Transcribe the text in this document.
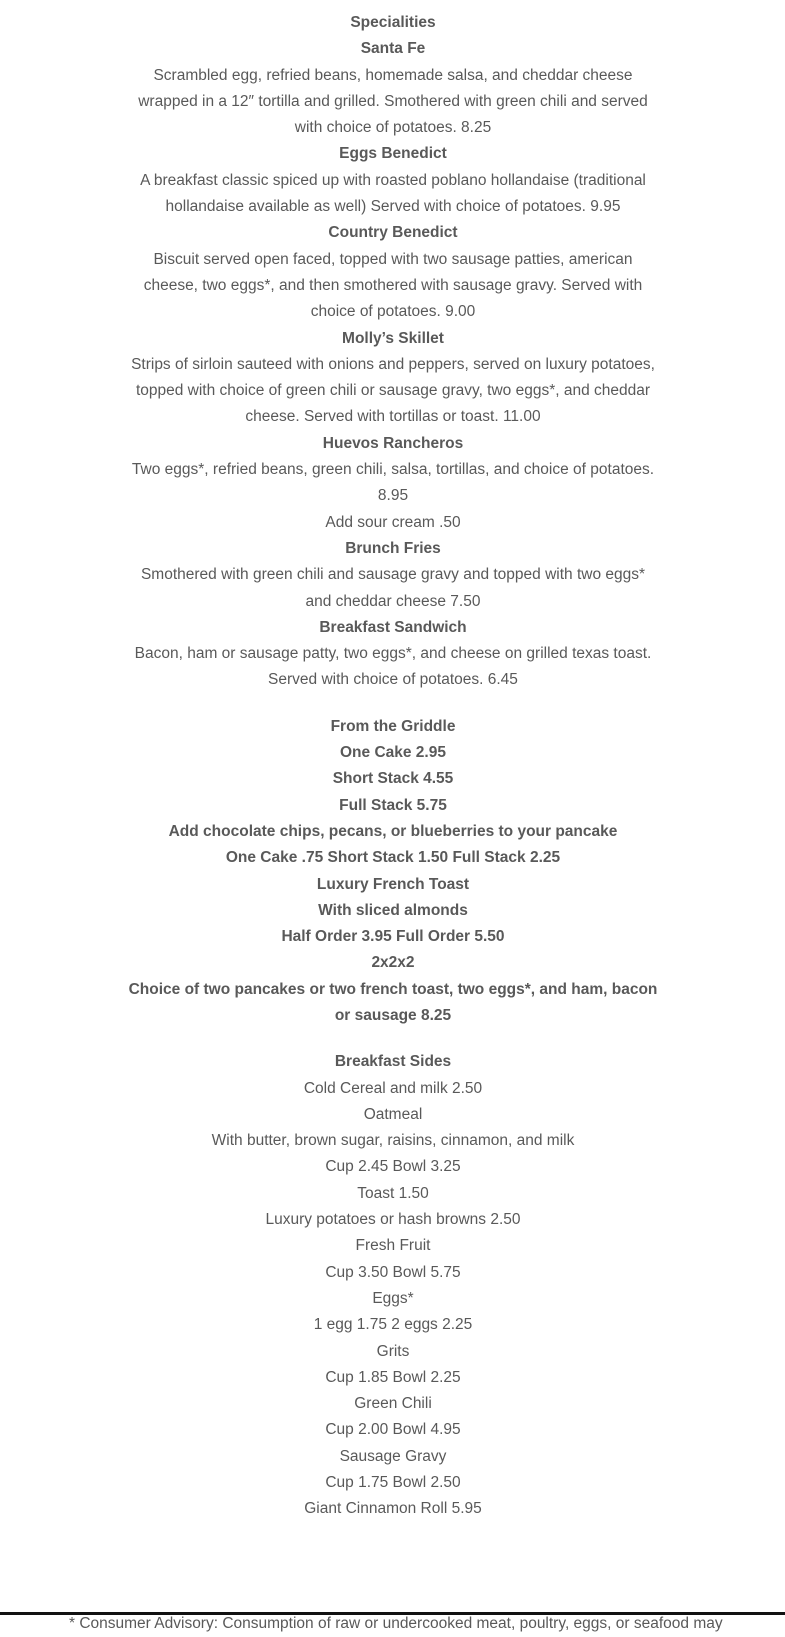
Specialities

Santa Fe

Scrambled egg, refried beans, homemade salsa, and cheddar cheese wrapped in a 12″ tortilla and grilled. Smothered with green chili and served with choice of potatoes. 8.25

Eggs Benedict

A breakfast classic spiced up with roasted poblano hollandaise (traditional hollandaise available as well) Served with choice of potatoes. 9.95

Country Benedict

Biscuit served open faced, topped with two sausage patties, american cheese, two eggs*, and then smothered with sausage gravy. Served with choice of potatoes. 9.00

Molly’s Skillet

Strips of sirloin sauteed with onions and peppers, served on luxury potatoes, topped with choice of green chili or sausage gravy, two eggs*, and cheddar cheese. Served with tortillas or toast. 11.00

Huevos Rancheros

Two eggs*, refried beans, green chili, salsa, tortillas, and choice of potatoes. 8.95

Add sour cream .50

Brunch Fries

Smothered with green chili and sausage gravy and topped with two eggs* and cheddar cheese 7.50

Breakfast Sandwich

Bacon, ham or sausage patty, two eggs*, and cheese on grilled texas toast. Served with choice of potatoes. 6.45

From the Griddle

One Cake 2.95

Short Stack 4.55

Full Stack 5.75

Add chocolate chips, pecans, or blueberries to your pancake

One Cake .75 Short Stack 1.50 Full Stack 2.25

Luxury French Toast

With sliced almonds

Half Order 3.95 Full Order 5.50

2x2x2

Choice of two pancakes or two french toast, two eggs*, and ham, bacon or sausage 8.25

Breakfast Sides

Cold Cereal and milk 2.50

Oatmeal

With butter, brown sugar, raisins, cinnamon, and milk

Cup 2.45 Bowl 3.25

Toast 1.50

Luxury potatoes or hash browns 2.50

Fresh Fruit

Cup 3.50 Bowl 5.75

Eggs*

1 egg 1.75 2 eggs 2.25

Grits

Cup 1.85 Bowl 2.25

Green Chili

Cup 2.00 Bowl 4.95

Sausage Gravy

Cup 1.75 Bowl 2.50

Giant Cinnamon Roll 5.95

* Consumer Advisory: Consumption of raw or undercooked meat, poultry, eggs, or seafood may
